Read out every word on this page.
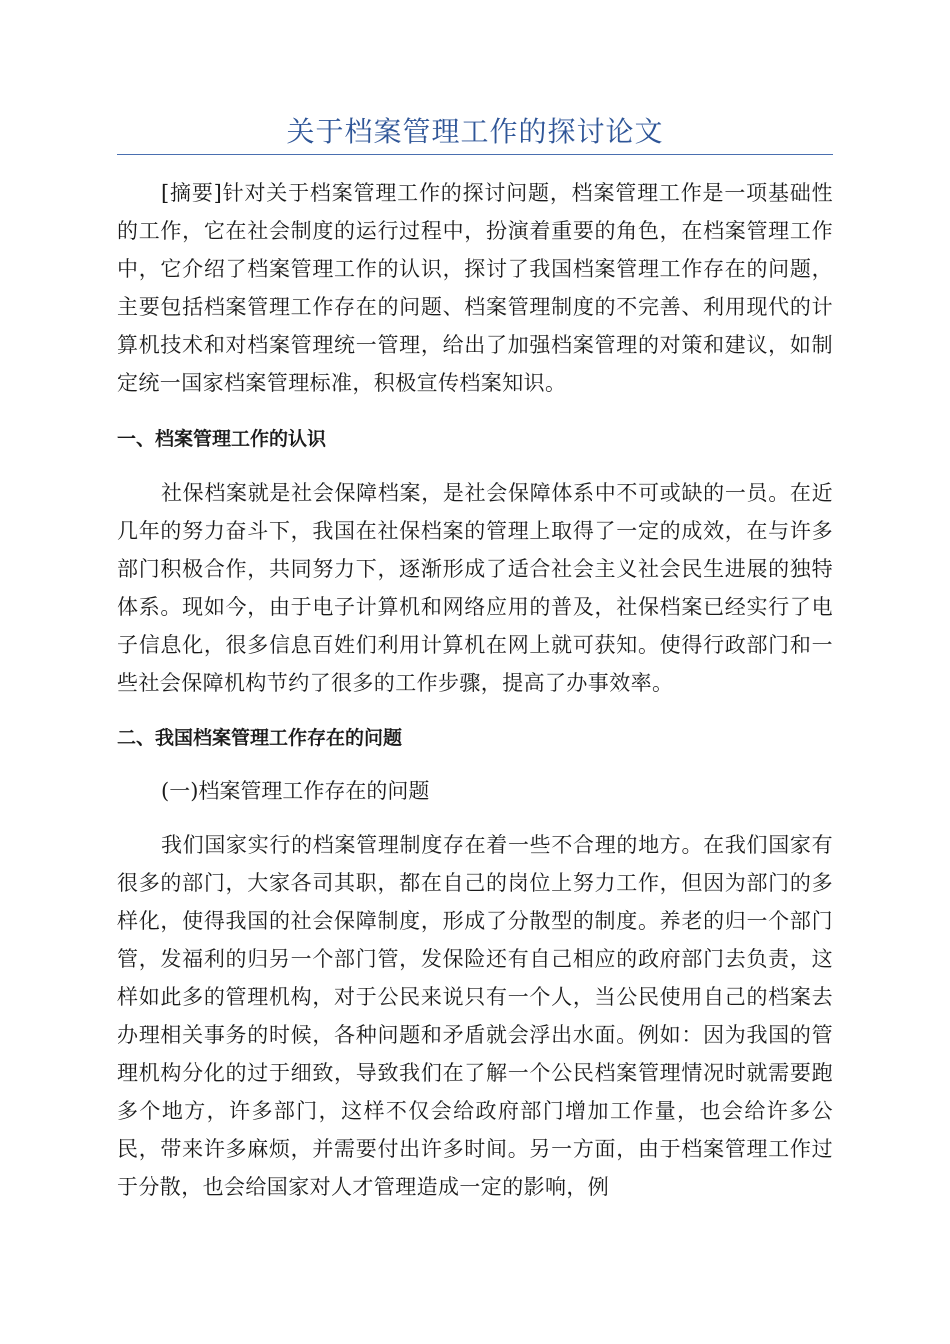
关于档案管理工作的探讨论文

[摘要]针对关于档案管理工作的探讨问题，档案管理工作是一项基础性的工作，它在社会制度的运行过程中，扮演着重要的角色，在档案管理工作中，它介绍了档案管理工作的认识，探讨了我国档案管理工作存在的问题，主要包括档案管理工作存在的问题、档案管理制度的不完善、利用现代的计算机技术和对档案管理统一管理，给出了加强档案管理的对策和建议，如制定统一国家档案管理标准，积极宣传档案知识。

一、档案管理工作的认识

社保档案就是社会保障档案，是社会保障体系中不可或缺的一员。在近几年的努力奋斗下，我国在社保档案的管理上取得了一定的成效，在与许多部门积极合作，共同努力下，逐渐形成了适合社会主义社会民生进展的独特体系。现如今，由于电子计算机和网络应用的普及，社保档案已经实行了电子信息化，很多信息百姓们利用计算机在网上就可获知。使得行政部门和一些社会保障机构节约了很多的工作步骤，提高了办事效率。

二、我国档案管理工作存在的问题

(一)档案管理工作存在的问题

我们国家实行的档案管理制度存在着一些不合理的地方。在我们国家有很多的部门，大家各司其职，都在自己的岗位上努力工作，但因为部门的多样化，使得我国的社会保障制度，形成了分散型的制度。养老的归一个部门管，发福利的归另一个部门管，发保险还有自己相应的政府部门去负责，这样如此多的管理机构，对于公民来说只有一个人，当公民使用自己的档案去办理相关事务的时候，各种问题和矛盾就会浮出水面。例如：因为我国的管理机构分化的过于细致，导致我们在了解一个公民档案管理情况时就需要跑多个地方，许多部门，这样不仅会给政府部门增加工作量，也会给许多公民，带来许多麻烦，并需要付出许多时间。另一方面，由于档案管理工作过于分散，也会给国家对人才管理造成一定的影响，例
